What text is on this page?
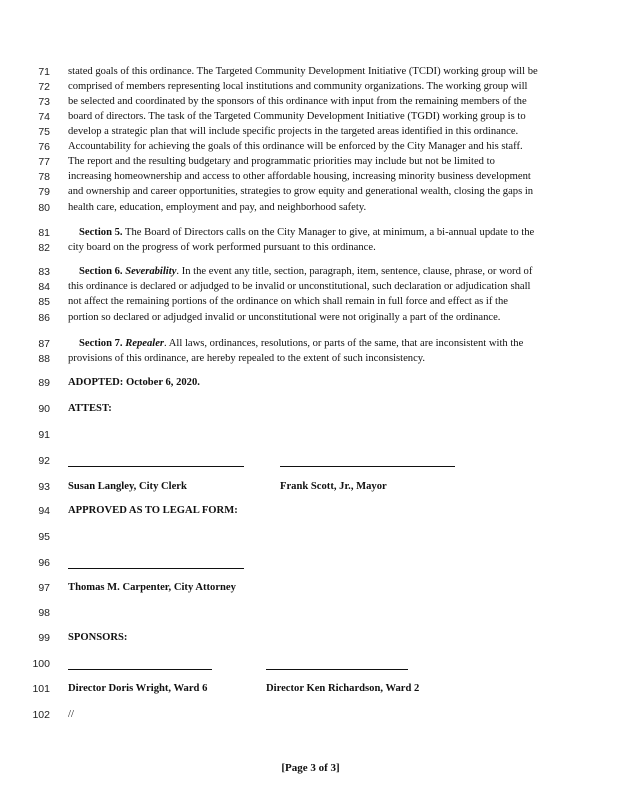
71 stated goals of this ordinance. The Targeted Community Development Initiative (TCDI) working group will be
72 comprised of members representing local institutions and community organizations. The working group will
73 be selected and coordinated by the sponsors of this ordinance with input from the remaining members of the
74 board of directors. The task of the Targeted Community Development Initiative (TGDI) working group is to
75 develop a strategic plan that will include specific projects in the targeted areas identified in this ordinance.
76 Accountability for achieving the goals of this ordinance will be enforced by the City Manager and his staff.
77 The report and the resulting budgetary and programmatic priorities may include but not be limited to
78 increasing homeownership and access to other affordable housing, increasing minority business development
79 and ownership and career opportunities, strategies to grow equity and generational wealth, closing the gaps in
80 health care, education, employment and pay, and neighborhood safety.
81	Section 5. The Board of Directors calls on the City Manager to give, at minimum, a bi-annual update to the
82 city board on the progress of work performed pursuant to this ordinance.
83	Section 6. Severability. In the event any title, section, paragraph, item, sentence, clause, phrase, or word of
84 this ordinance is declared or adjudged to be invalid or unconstitutional, such declaration or adjudication shall
85 not affect the remaining portions of the ordinance on which shall remain in full force and effect as if the
86 portion so declared or adjudged invalid or unconstitutional were not originally a part of the ordinance.
87	Section 7. Repealer. All laws, ordinances, resolutions, or parts of the same, that are inconsistent with the
88 provisions of this ordinance, are hereby repealed to the extent of such inconsistency.
89 ADOPTED: October 6, 2020.
90 ATTEST:
91
92
93
94 APPROVED AS TO LEGAL FORM:
95
96
97
98
99 SPONSORS:
100
101
102 //
Susan Langley, City Clerk	Frank Scott, Jr., Mayor
Thomas M. Carpenter, City Attorney
Director Doris Wright, Ward 6	Director Ken Richardson, Ward 2
[Page 3 of 3]
